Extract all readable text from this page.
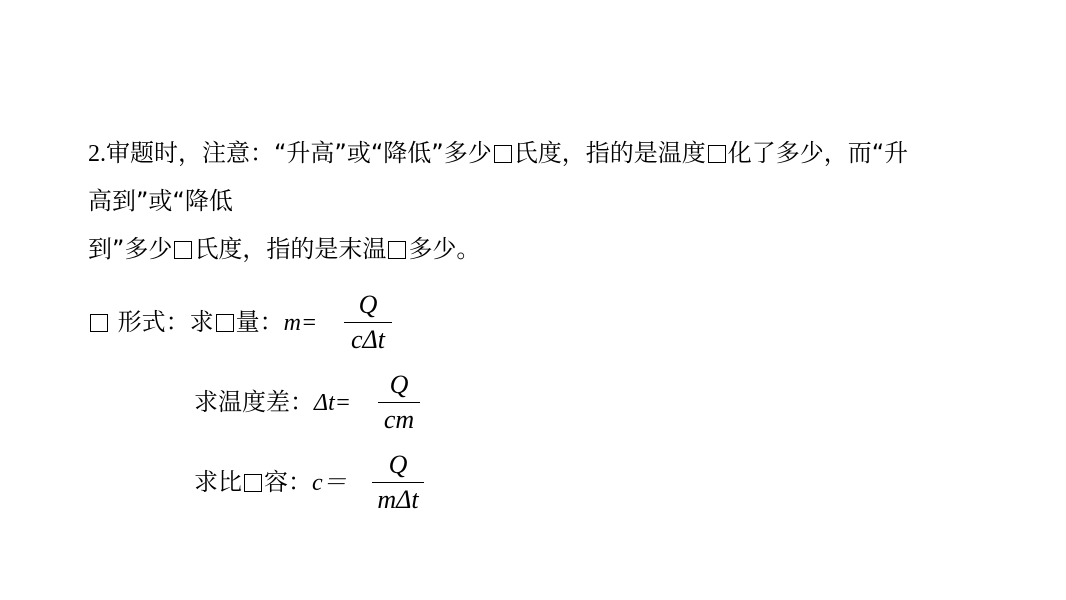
2.审题时，注意：“升高”或“降低”多少 氏度，指的是温度 化了多少，而“升
高到”或“降低
到”多少 氏度，指的是末温 多少。
形式：求 量：m=
Q
cΔt
求温度差：Δt=
Q
cm
求比 容：c＝
Q
mΔt
